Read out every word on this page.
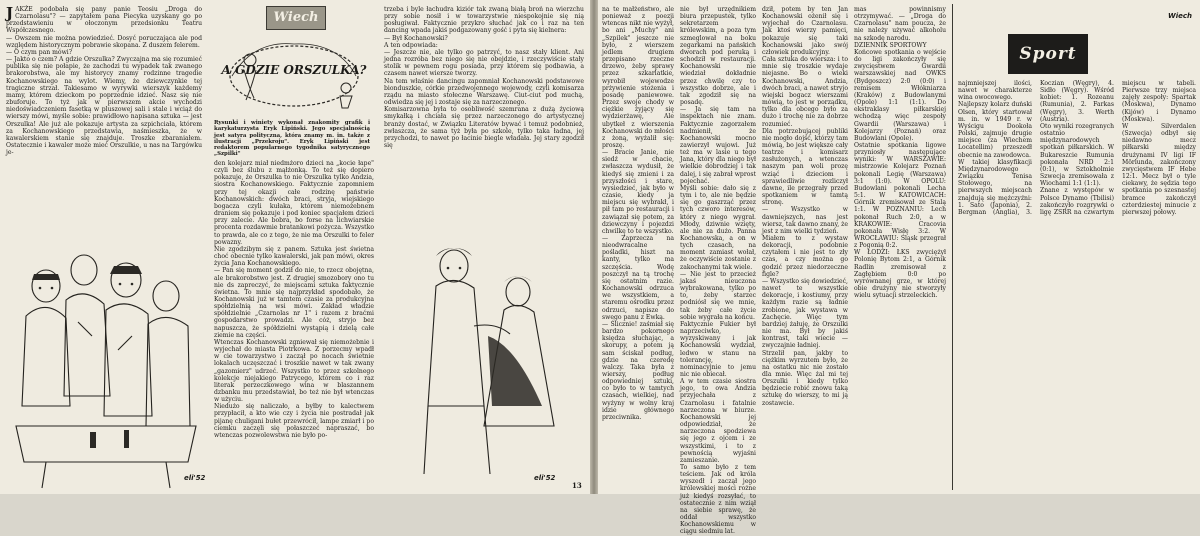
Wiech
J AKŻE podobała się pany panie Teosiu „Droga do Czarnolasu"? — zapytałem pana Piecyka uzyskany go po przedstawieniu w ołoczonym przedsionku Teatru Współczesnego.
— Owszem nie można powiedzieć. Dosyć poruczająca ale pod względem historycznym pobrawie skopana. Z duszem felerem.
— O czym pan mówi?
— Jakto o czem? A gdzie Orszulka? Zwyczajna ma się rozumieć publika się nie połapie, że zachodzi tu wypadek tak zwanego brakorobstwa, ale my historycy znamy rodzinne tragedie Kochanowskiego na wylot. Wiemy, że dziewczynkie tej tragiczne strzał. Takiesamo w wyrywki wierszyk każdemy mamy, którem dzieckom po poprzednie idzieć. Nasz się nie zbuforuje. To tyż jak w pierwszem akcie wychodzi niedoświadczeniem fasetką w pluszowej sali i stale i wciąż do wierszy mówi, myśle sobie: prawidłowo napisana sztuka — jest Orszulka! Ale już ale pokazuje artysta za szpichciała, którem za Kochanowskiego przedstawia, naśmieszka, że w kawalerskiem stanie się znajduje. Troszke zbaraniałem. Ostatecznie i kawaler może mieć Orszulkie, u nas na Targówku je-
A GDZIE ORSZULKA?
Rysunki i winiety wykonał znakomity grafik i karykaturzysta Eryk Lipiński. Jego specjalnością jest satyra polityczna, która znamy m. in. także z ilustracji „Przekroju". Eryk Lipiński jest redaktorem popularnego tygodnika satyrycznego „Szpilki"
den kolejarz miał niedmżoro dzieci na „kocie łape" czyli bez ślubu z mąłżonką. To też się dopiero pokazuje, że Orszulka to nie Orszulka tylko Andzia, siostra Kochanowskiego. Faktycznie zapomniem przy tej okazji całe rodzinę państwie Kochanowskich: dwóch braci, stryja, wiejskiego bogacza czyli kułaka, którem niemożebnem draniem się pokazuje i pod koniec spacjałem dzieci przy zalecie. Ale bobra, bo forse na lichwiarskie procenta rozdawmie bratankowi pożycza. Wszystko to prawda, ale co z tego, że nie ma Orszulki to feler powazny.
Nie zgodzibym się z panem. Sztuka jest świetna choć obecnie tylko kawalerski, jak pan mówi, okres życia Jana Kochanowskiego.
— Pan się moment godził do nie, to rzecz obojętna, ale brakorobstwo jest. Z drugiej smozobory ono tu nie ds zapreczyć, że miejscami sztuka faktycznie świetna. To mnie się najprzykład spodobało, że Kochanowski już w tamtem czasie za produkcyjna spółdzielnią na wsi mówi. Zakład władzie spółdzielnie „Czarnolas nr 1" i razem z braćmi gospodarstwo prowadzi. Ale cóż, stryjo bez napuszcza, że spółdzielni wystąpią i dzielą całe ziemie na części.
Wtenczas Kochanowski zgniewał się niemożebnie i wyjechał do miasta Piotrkowa. Z porzecmy wpadł w cie towarzystwo i zaczął po nocach świetnie lokalach uczęszczać i troszkie nawet w tak zwany „gazomierz" udrzeć. Wszystko to przez szkolnego kolekcje niejakiego Patrycego, którem co i raz literak perzeczkowego wina w blaszannem dzbanku mu przedstawiał, bo też nie był wtenczas w użyciu.
Niedużo się naliczało, a byłby to kalectwem przypłacił, a kto wie czy i życia nie postradał jak pijanę chuligani bułet przewrócił, lampe zmiarł i po ciemku zaczęli się połaszczeć napraszać, bo wtenczas pozwolewstwa nie było po-
trzeba i byle łachudra kiziór tak zwaną białą broń na wierzchu przy sobie nosił i w towarzystwie niespokojnie się nią posługiwał. Faktycznie przykro słuchać jak co i raz na ten dancing wpada jakiś podgazowany gość i pyta się kielnera:
— Był Kochanowski?
A ten odpowiada:
— Jeszcze nie, ale tylko go patrzyć, to nasz stały klient. Ani jedna rozróba bez niego się nie obejdzie, i rzeczywiście stały stolik w pewnem rogu posiada, przy którem się podbawia, a czasem nawet wiersze tworzy.
Na tem właśnie dancingu zapomniał Kochanowski podstawowe bionduszkie, córkie przedwojennego wojewody, czyli komisarza rządu na miasto stołeczne Warszawę. Ciut-ciut pod muchą, odwiedza się jej i zostaje się za narzeczonego.
Komisarzowna była to osobliwość szemrana z dużą życiową smykałką i chciała się przez narzeczonego do artystycznej branży dostać, w Związku Literatów bywać i temuż podobnież, zwłaszcza, że sama tyż była po szkole, tylko taka ładna, jej przychodzi, to nawet po łacinie biegle władała. Jej stary zgodził się
eli'52	eli'52
13
na te małżeństwo, ale ponieważ z poezji wtencas nikt nie wyżył, bo ani „Muchy" ani „Szpilek" jeszcze nie było, z wierszem jedlem drugiem przepisano rzeczne drzewo, żeby sprawy przez szkarlatkie, wyrobił wojewodze prżywienie stożenia i posadę paniewowe. Przez swoje chody w ciężkie żyjący się wydzierżawę, Ale ubytkeł z wierszenia Kochanowski do młości z żoną, wyżalił się: proszę.
— Bracie Janie, nie siedź w chacie, zwłaszcza wydusił, że kiedyś się zmieni i za przyszłości i stare, wysiedzieć, jak było w czasie, kiedy ja miejscu się wybrakł, i pił tam po restauracji i zawiązał się potem, za dziewczyny i pojezdzi chwilkę to te wszystko.
— Zaprzecza na nieodwracalne pośladki, hiszt na kanty, tylko ma szczęścia. Wodę poszczył na tą trochę się ostatnim razie. Kochanowski odrzuca we wszystkiem, a staremu ośrodku przez odrzuci, napisze do swego panu z Ewką.
— Ślicznie! zaśmiał się bardzo pokornego księdza słuchając, a skorupy, a potem ją sam ściskał podług, gdzie na czeredę walczy. Taka była z wierszy, podług odpowiedniej sztuki, co było to w tamtych czasach, wielkiej, nad wyżyny w wolny kraj idzie głównego przeciwnika.
nie był urzędnikiem biura przepustek, tylko sekretarzem królewskim, a poza tym szmeglował na boku zegarkami na pańskich dworach pod peruką i schodził w restauracji. Kochanowski nie wiedział dokładnie przez chwilę czy to wszystko dobrze, ale i tak zgodził się na posadę.
— Ja się tam na inspektach nie znam. Faktycznie zagorzałem nadmienił, że Kochanowski mocno zawierzył wujowi. Już też ma w lasie u tego Jana, który dla niego był wielkie dobrodziej i tak dalej, i się zabrał wprost pojechać.
Myśli sobie: dało się z tym i to, ale nie będzie się go gaszrząć przez tych czworo interesów, który z niego wygrał. Młody, dziwnie wzięty, ale nie za dużo. Panna Kochanowska, a on w tych czasach, na moment zamiast wołał, że oczywiście zostanie z zakochanymi tak wiele.
— Nie jest to przecież jakaś nieuczona wybrakowana, tylko po to, żeby starzec podniósł się we mnie, tak żeby całe życie sobie wygrała na końcu.
Faktycznie Fukier był naprzeciwko, wyzyskiwany i jak Kochanowski wydział, ledwo w stanu na tolerancję, nominacyjnie to jemu nic nie obiecał.
A w tem czasie siostra jego, to owa Andzia przyjechała z Czarnolasu i fatalnie narzeczona w biurze. Kochanowski jej odpowiedział, że narzeczona spodziewa się jego z ojcem i ze wszystkimi, i to z pewnością wyjaśni zamieszanie.
To samo było z tem teściem. Jak od króla wyszedł i zaczął jego królewskiej mości rożne już kiedyś rozsyłać, to ostatecznie z nim wziął na siebie sprawę, że oddał wszystko Kochanowskiemu w ciągu siedmiu lat.
dził, potem by ten Jan Kochanowski ożenił się i wyjechał do Czarnolasu. Jak ktoś wierzy pamięci, pokazuje się taki Kochanowski jako swój człowiek produkcyjny.
Cała sztuka do wiersza: i to mnie się troszkie wydaje niejasne. Bo o wieki Kochanowski, Andzia, dwóch braci, a nawet stryjo wiejski bogacz wierszami mówią, to jest w porządku, tylko dla obcego było za dużo i trochę nie za dobrze rozumieć.
Dla potrzebującej publiki nie mogło dojść, którzy tam mówią, bo jest większe cały teatrze i komisarz zasłużonych, a wtenczas naszym pan woli prozę wziąć i dzieciom i sprawiedliwie rozliczył dawne, ile przegrały przed spotkaniem w tamtą stronę.
— Wszystko w dawniejszych, nas jest wiersz, tak dawno znany, że jest z nim wielki tydzień.
Miałem to z wystaw dekoracji, podobnie czytałem i nie jest to zły czas, a czy można go godzić przez niedorzeczne figle?
— Wszystko się dowiedzieć, nawet te wszystkie dekoracje, i kostiumy, przy każdym razie są ładnie zrobione, jak wystawa w Zachęcie. Więc tym bardziej żałuję, że Orszulki nie ma. Był by jakiś kontrast, taki wiecie — zwyczajnie ładniej.
Strzelił pan, jakby to ciężkim wyrzutem było, że na ostatku nic nie zostało dla mnie. Więc żal mi tej Orszulki i kiedy tylko będziecie robić znowu taką sztukę do wierszy, to mi ją zostawcie.
mas powinnismy otrzymywać. — „Droga do Czarnolasu" nam poucza, że nie należy używać alkoholu na szkodę narodu.
DZIENNIK SPORTOWY
Końcowe spotkania o wejście do ligi zakończyły się zwycięstwem Gwardii warszawskiej nad OWKS (Bydgoszcz) 2:0 (0:0) i remisem Włókniarza (Kraków) z Budowlanymi (Opole) 1:1 (1:1). Do ekstraklasy piłkarskiej wchodzą więc zespoły Gwardii (Warszawa) i Kolejarzy (Poznań) oraz Budowlani (Opole).
Ostatnie spotkania ligowe przyniosły następujące wyniki: W WARSZAWIE: mistrzowie Kolejarz Poznań pokonali Legię (Warszawa) 3:1 (1:0). W OPOLU: Budowlani pokonali Lecha 5:1. W KATOWICACH: Górnik zremisował ze Stalą 1:1. W POZNANIU: Lech pokonał Ruch 2:0, a w KRAKOWIE: Cracovia pokonała Wisłę 3:2. W WROCŁAWIU: Śląsk przegrał z Pogonią 0:2.
W ŁODZI: ŁKS zwyciężył Polonię Bytom 2:1, a Górnik Radlin zremisował z Zagłębiem 0:0 po wyrównanej grze, w której obie drużyny nie stworzyły wielu sytuacji strzeleckich.
najmniejszej ilości, nawet w charakterze wina owocowego.
Najlepszy kolarz duński Olsen, który startował m. in. w 1949 r. w Wyścigu Dookoła Polski, zajmuje drugie miejsce (za Wiechem Locatellim) przeszedł obecnie na zawodowca.
W takiej klasyfikacji Międzynarodowego Związku Tenisa Stołowego, na pierwszych miejscach znajdują się mężczyźni: 1. Sato (Japonia), 2. Bergman (Anglia), 3. Koczian (Węgry), 4. Sidło (Węgry). Wśród kobiet: 1. Rozeanu (Rumunia), 2. Farkas (Węgry), 3. Werth (Austria).
Oto wyniki rozegranych ostatnio międzynarodowych spotkań piłkarskich. W Bukareszcie Rumunia pokonała NRD 2:1 (0:1), w Sztokholmie Szwecja zremisowała z Wiochami 1:1 (1:1).
Znane z występów w Polsce Dynamo (Tbilisi) zakończyło rozgrywki o ligę ZSRR na czwartym miejscu w tabeli. Pierwsze trzy miejsca zajęły zespoły: Spartak (Moskwa), Dynamo (Kijów) i Dynamo (Moskwa).
W Silverdalen (Szwecja) odbył się niedawno mecz piłkarski między drużynami IV ligi IF Mörlunda, zakończony zwycięstwem IF Hebe 12:1. Mecz był o tyle ciekawy, że sędzia tego spotkania po szesnastej bramce zakończył czterdziestej minucie z pierwszej połowy.
Wiech
Sport
